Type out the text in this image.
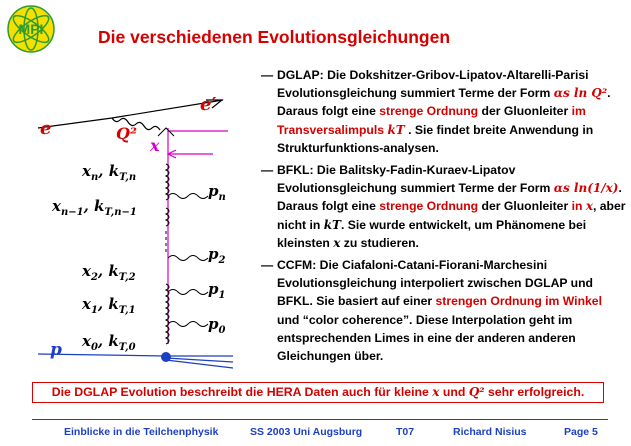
MPI	Die verschiedenen Evolutionsgleichungen
e
e′
Q²
x
p
$x_n$, $k_{T,n}$
$p_n$
$x_{n-1}$, $k_{T,n-1}$
$x_2$, $k_{T,2}$
$p_2$
$x_1$, $k_{T,1}$
$p_1$
$x_0$, $k_{T,0}$
$p_0$
— DGLAP: Die Dokshitzer-Gribov-Lipatov-Altarelli-Parisi Evolutionsgleichung summiert Terme der Form αs ln Q². Daraus folgt eine strenge Ordnung der Gluonleiter im Transversalimpuls kT . Sie findet breite Anwendung in Strukturfunktions-analysen.
— BFKL: Die Balitsky-Fadin-Kuraev-Lipatov Evolutionsgleichung summiert Terme der Form αs ln(1/x). Daraus folgt eine strenge Ordnung der Gluonleiter in x, aber nicht in kT. Sie wurde entwickelt, um Phänomene bei kleinsten x zu studieren.
— CCFM: Die Ciafaloni-Catani-Fiorani-Marchesini Evolutionsgleichung interpoliert zwischen DGLAP und BFKL. Sie basiert auf einer strengen Ordnung im Winkel und “color coherence”. Diese Interpolation geht im entsprechenden Limes in eine der anderen anderen Gleichungen über.
Die DGLAP Evolution beschreibt die HERA Daten auch für kleine x und Q² sehr erfolgreich.
Einblicke in die Teilchenphysik	SS 2003 Uni Augsburg	T07	Richard Nisius	Page 5
